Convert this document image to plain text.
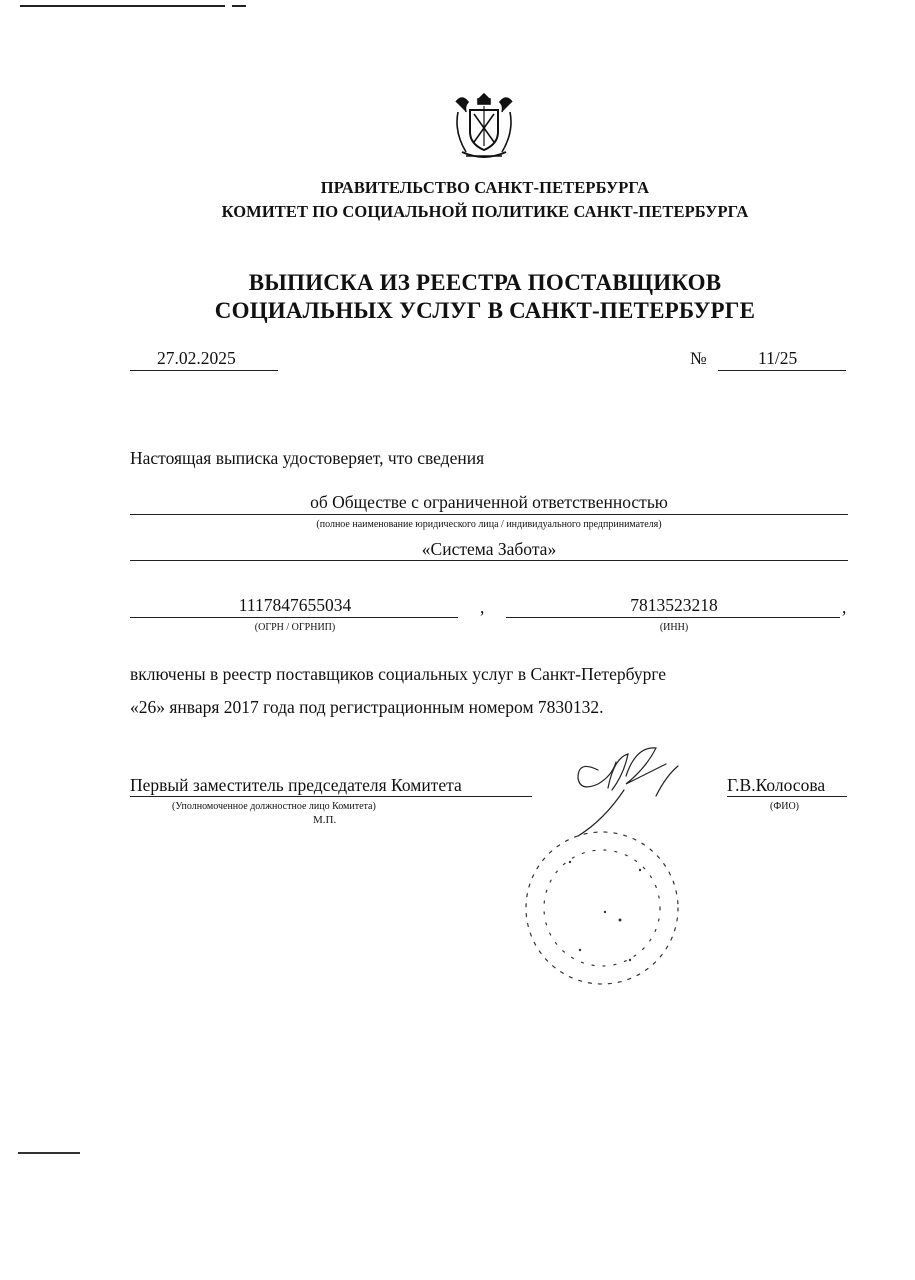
ПРАВИТЕЛЬСТВО САНКТ-ПЕТЕРБУРГА
КОМИТЕТ ПО СОЦИАЛЬНОЙ ПОЛИТИКЕ САНКТ-ПЕТЕРБУРГА
ВЫПИСКА ИЗ РЕЕСТРА ПОСТАВЩИКОВ
СОЦИАЛЬНЫХ УСЛУГ В САНКТ-ПЕТЕРБУРГЕ
27.02.2025	№	11/25
Настоящая выписка удостоверяет, что сведения
об Обществе с ограниченной ответственностью
(полное наименование юридического лица / индивидуального предпринимателя)
«Система Забота»
1117847655034
(ОГРН / ОГРНИП)
,	7813523218
(ИНН)
,
включены в реестр поставщиков социальных услуг в Санкт-Петербурге
«26» января 2017 года под регистрационным номером 7830132.
Первый заместитель председателя Комитета
(Уполномоченное должностное лицо Комитета)
М.П.
Г.В.Колосова
(ФИО)
